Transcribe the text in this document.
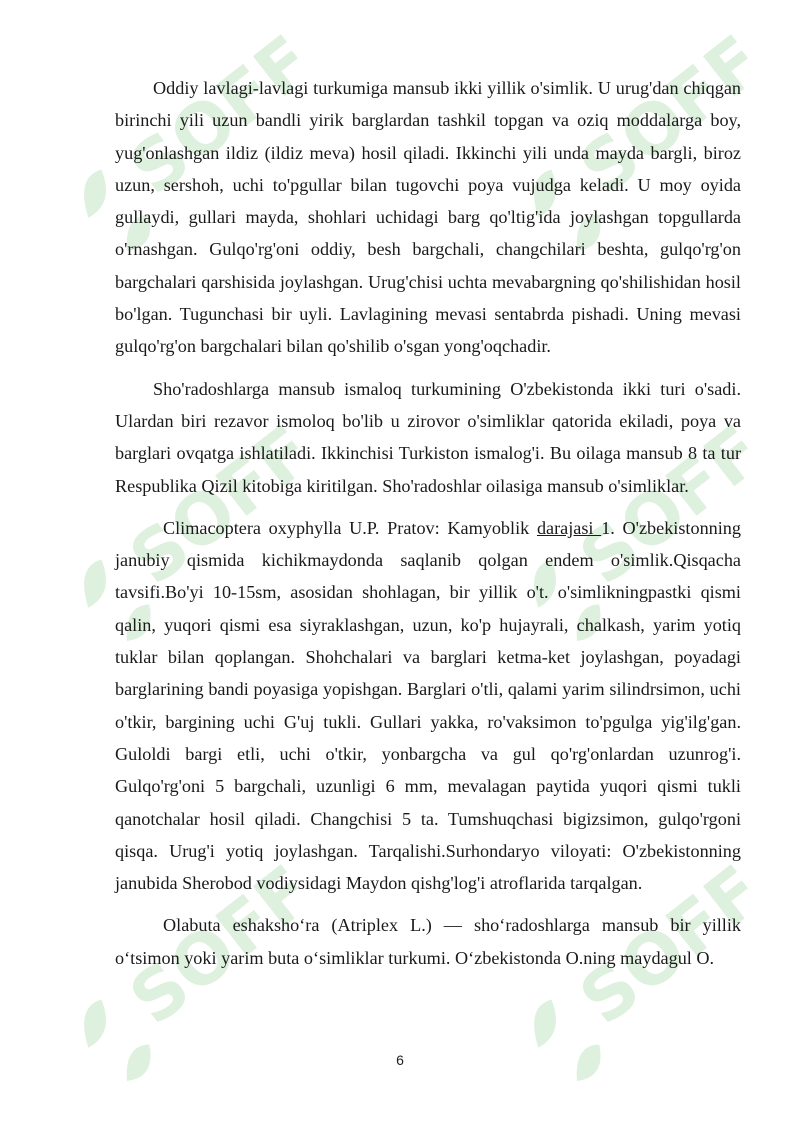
SOFF	SOFF
SOFF	SOFF
SOFF	SOFF

Oddiy lavlagi-lavlagi turkumiga mansub ikki yillik o'simlik. U urug'dan chiqgan birinchi yili uzun bandli yirik barglardan tashkil topgan va oziq moddalarga boy, yug'onlashgan ildiz (ildiz meva) hosil qiladi. Ikkinchi yili unda mayda bargli, biroz uzun, sershoh, uchi to'pgullar bilan tugovchi poya vujudga keladi. U moy oyida gullaydi, gullari mayda, shohlari uchidagi barg qo'ltig'ida joylashgan topgullarda o'rnashgan. Gulqo'rg'oni oddiy, besh bargchali, changchilari beshta, gulqo'rg'on bargchalari qarshisida joylashgan. Urug'chisi uchta mevabargning qo'shilishidan hosil bo'lgan. Tugunchasi bir uyli. Lavlagining mevasi sentabrda pishadi. Uning mevasi gulqo'rg'on bargchalari bilan qo'shilib o'sgan yong'oqchadir.

Sho'radoshlarga mansub ismaloq turkumining O'zbekistonda ikki turi o'sadi. Ulardan biri rezavor ismoloq bo'lib u zirovor o'simliklar qatorida ekiladi, poya va barglari ovqatga ishlatiladi. Ikkinchisi Turkiston ismalog'i. Bu oilaga mansub 8 ta tur Respublika Qizil kitobiga kiritilgan. Sho'radoshlar oilasiga mansub o'simliklar.

Climacoptera oxyphylla U.P. Pratov: Kamyoblik darajasi 1. O'zbekistonning janubiy qismida kichikmaydonda saqlanib qolgan endem o'simlik.Qisqacha tavsifi.Bo'yi 10-15sm, asosidan shohlagan, bir yillik o't. o'simlikningpastki qismi qalin, yuqori qismi esa siyraklashgan, uzun, ko'p hujayrali, chalkash, yarim yotiq tuklar bilan qoplangan. Shohchalari va barglari ketma-ket joylashgan, poyadagi barglarining bandi poyasiga yopishgan. Barglari o'tli, qalami yarim silindrsimon, uchi o'tkir, bargining uchi G'uj tukli. Gullari yakka, ro'vaksimon to'pgulga yig'ilg'gan. Guloldi bargi etli, uchi o'tkir, yonbargcha va gul qo'rg'onlardan uzunrog'i. Gulqo'rg'oni 5 bargchali, uzunligi 6 mm, mevalagan paytida yuqori qismi tukli qanotchalar hosil qiladi. Changchisi 5 ta. Tumshuqchasi bigizsimon, gulqo'rgoni qisqa. Urug'i yotiq joylashgan. Tarqalishi.Surhondaryo viloyati: O'zbekistonning janubida Sherobod vodiysidagi Maydon qishg'log'i atroflarida tarqalgan.

Olabuta eshaksho‘ra (Atriplex L.) — sho‘radoshlarga mansub bir yillik o‘tsimon yoki yarim buta o‘simliklar turkumi. O‘zbekistonda O.ning maydagul O.

6
